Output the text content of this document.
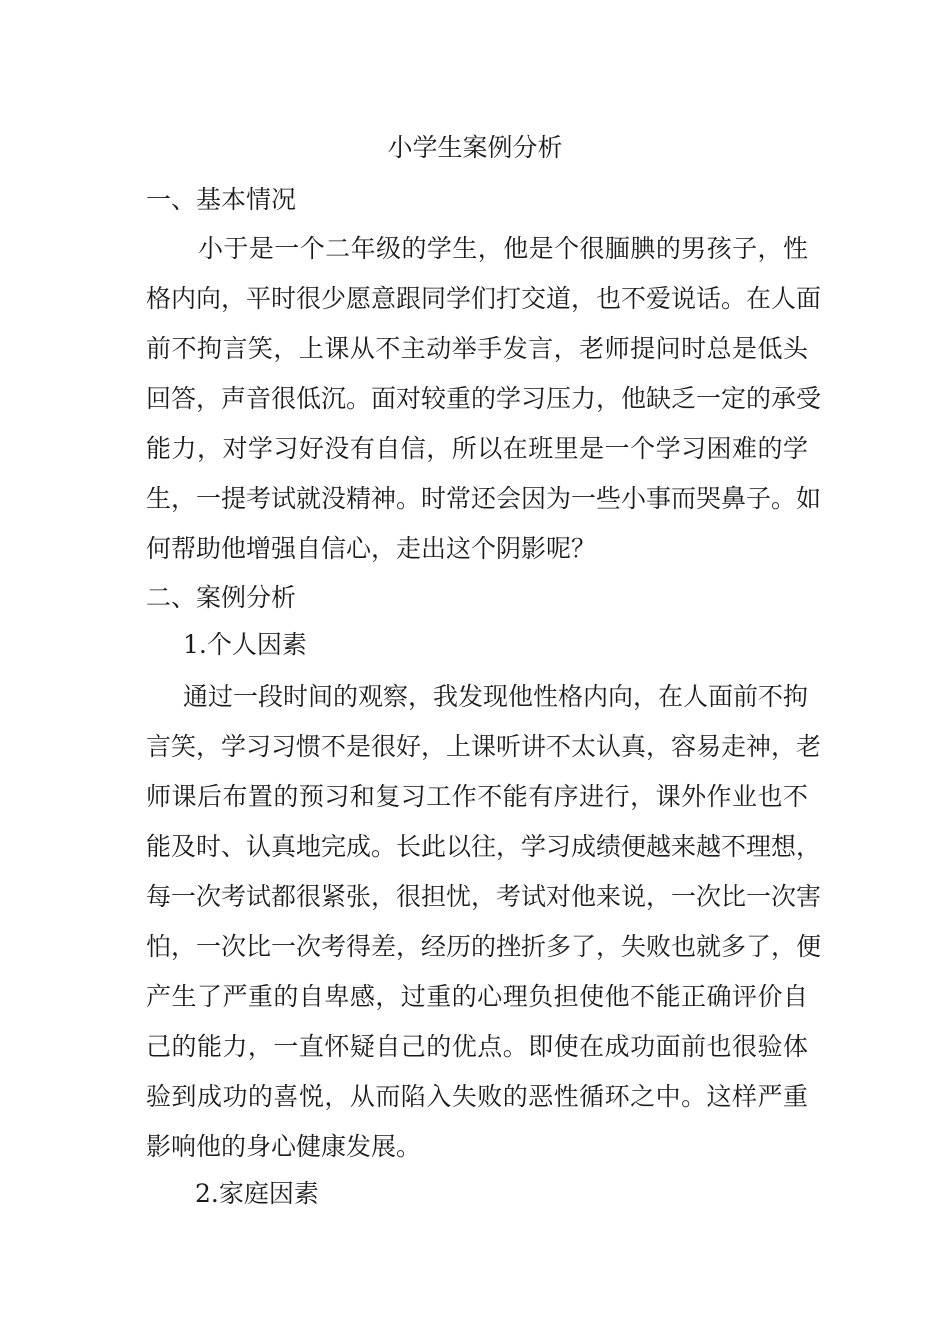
小学生案例分析
一、基本情况
小于是一个二年级的学生，他是个很腼腆的男孩子，性
格内向，平时很少愿意跟同学们打交道，也不爱说话。在人面
前不拘言笑，上课从不主动举手发言，老师提问时总是低头
回答，声音很低沉。面对较重的学习压力，他缺乏一定的承受
能力，对学习好没有自信，所以在班里是一个学习困难的学
生，一提考试就没精神。时常还会因为一些小事而哭鼻子。如
何帮助他增强自信心，走出这个阴影呢？
二、案例分析
1.个人因素
通过一段时间的观察，我发现他性格内向，在人面前不拘
言笑，学习习惯不是很好，上课听讲不太认真，容易走神，老
师课后布置的预习和复习工作不能有序进行，课外作业也不
能及时、认真地完成。长此以往，学习成绩便越来越不理想，
每一次考试都很紧张，很担忧，考试对他来说，一次比一次害
怕，一次比一次考得差，经历的挫折多了，失败也就多了，便
产生了严重的自卑感，过重的心理负担使他不能正确评价自
己的能力，一直怀疑自己的优点。即使在成功面前也很验体
验到成功的喜悦，从而陷入失败的恶性循环之中。这样严重
影响他的身心健康发展。
2.家庭因素
